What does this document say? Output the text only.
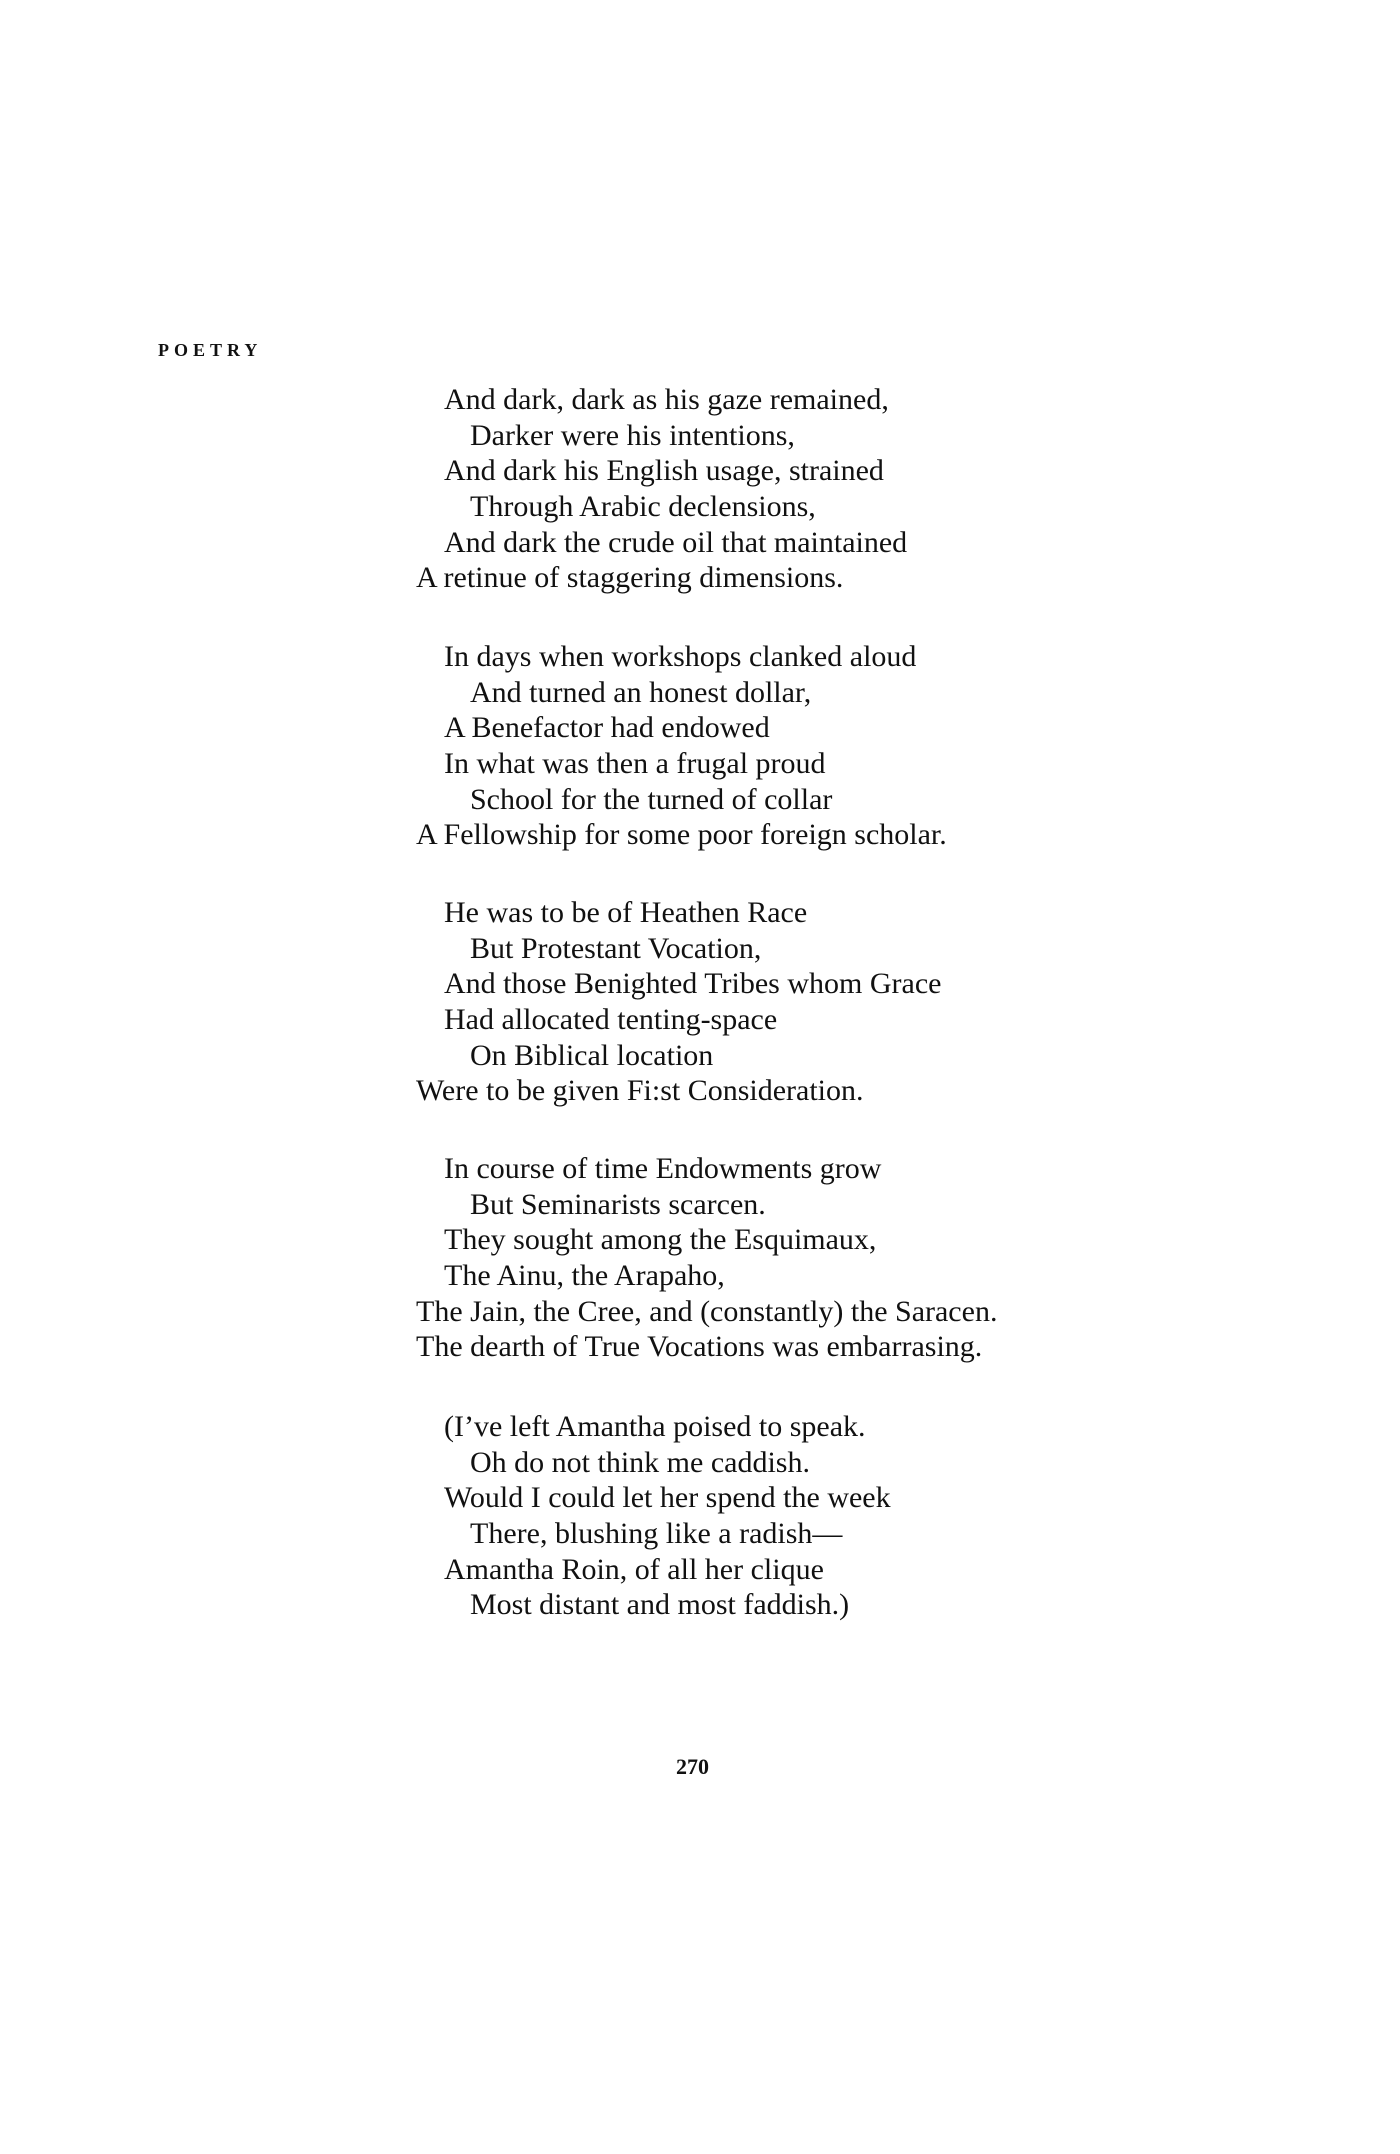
POETRY
And dark, dark as his gaze remained,
Darker were his intentions,
And dark his English usage, strained
Through Arabic declensions,
And dark the crude oil that maintained
A retinue of staggering dimensions.
In days when workshops clanked aloud
And turned an honest dollar,
A Benefactor had endowed
In what was then a frugal proud
School for the turned of collar
A Fellowship for some poor foreign scholar.
He was to be of Heathen Race
But Protestant Vocation,
And those Benighted Tribes whom Grace
Had allocated tenting-space
On Biblical location
Were to be given Fi:st Consideration.
In course of time Endowments grow
But Seminarists scarcen.
They sought among the Esquimaux,
The Ainu, the Arapaho,
The Jain, the Cree, and (constantly) the Saracen.
The dearth of True Vocations was embarrasing.
(I’ve left Amantha poised to speak.
Oh do not think me caddish.
Would I could let her spend the week
There, blushing like a radish—
Amantha Roin, of all her clique
Most distant and most faddish.)
270
